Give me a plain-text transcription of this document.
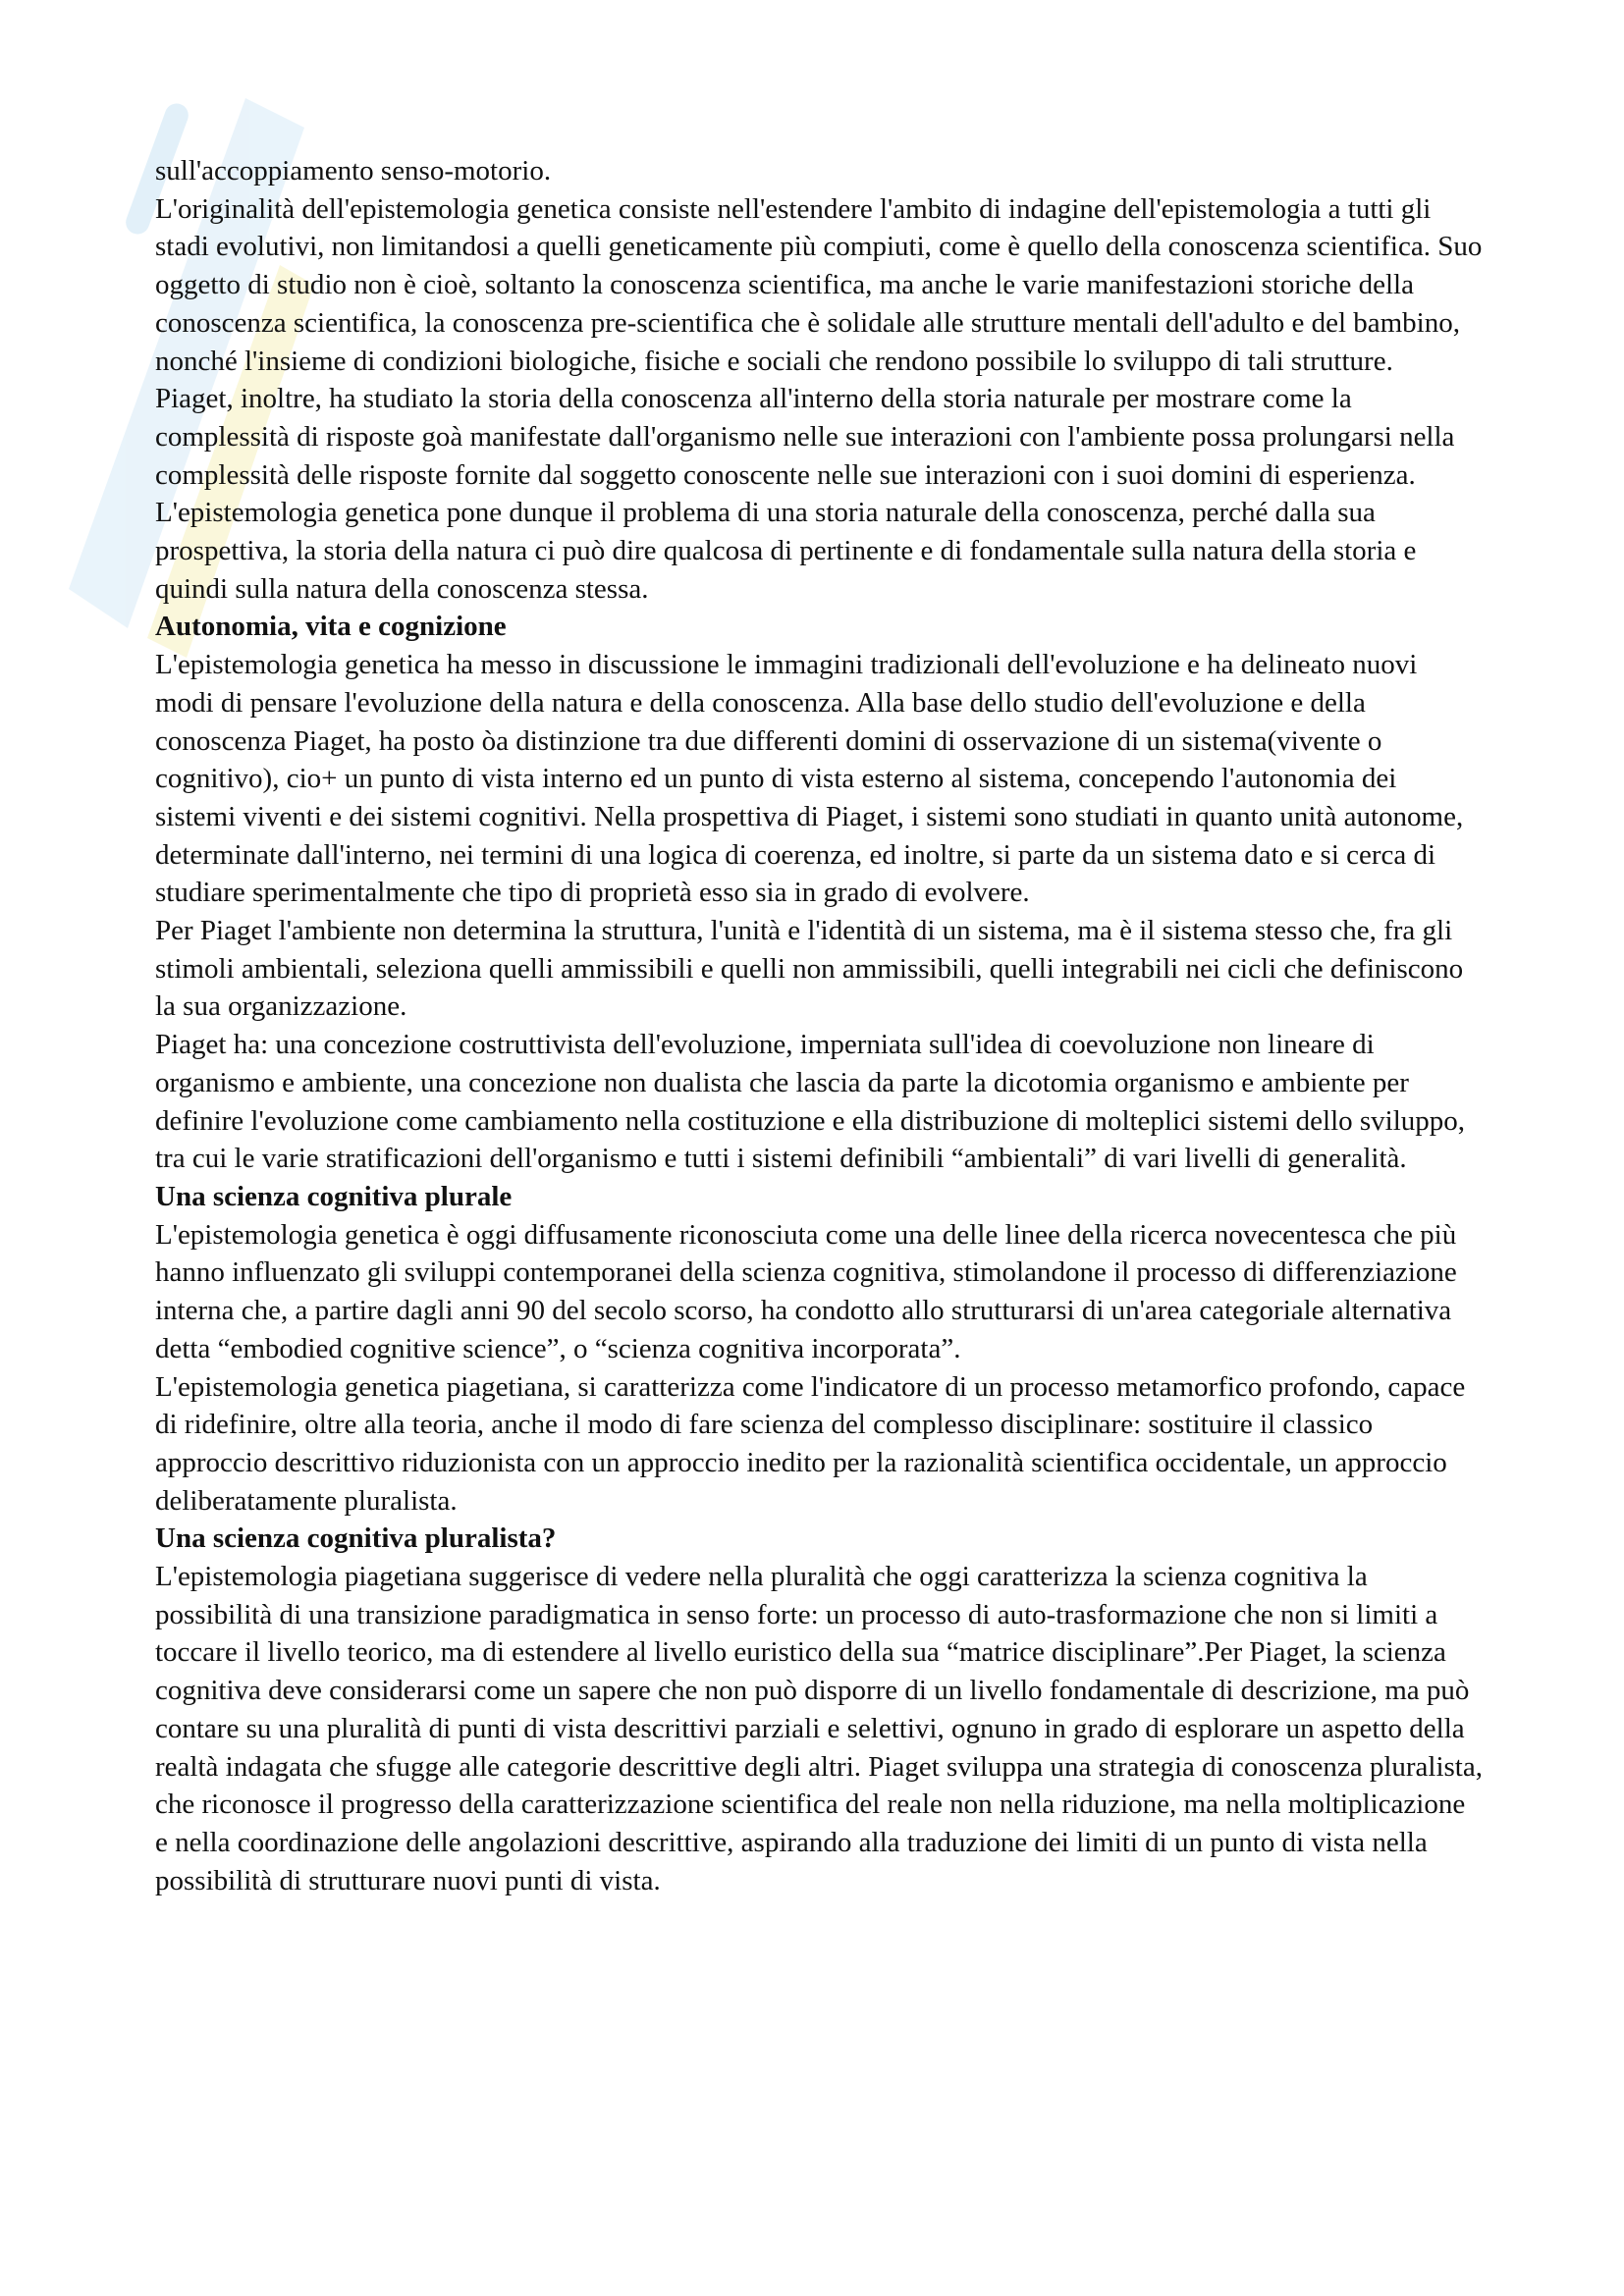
sull'accoppiamento senso-motorio.

L'originalità dell'epistemologia genetica consiste nell'estendere l'ambito di indagine dell'epistemologia a tutti gli stadi evolutivi, non limitandosi a quelli geneticamente più compiuti, come è quello della conoscenza scientifica. Suo oggetto di studio non è cioè, soltanto la conoscenza scientifica, ma anche le varie manifestazioni storiche della conoscenza scientifica, la conoscenza pre-scientifica che è solidale alle strutture mentali dell'adulto e del bambino, nonché l'insieme di condizioni biologiche, fisiche e sociali che rendono possibile lo sviluppo di tali strutture.

Piaget, inoltre, ha studiato la storia della conoscenza all'interno della storia naturale per mostrare come la complessità di risposte goà manifestate dall'organismo nelle sue interazioni con l'ambiente possa prolungarsi nella complessità delle risposte fornite dal soggetto conoscente nelle sue interazioni con i suoi domini di esperienza. L'epistemologia genetica pone dunque il problema di una storia naturale della conoscenza, perché dalla sua prospettiva, la storia della natura ci può dire qualcosa di pertinente e di fondamentale sulla natura della storia e quindi sulla natura della conoscenza stessa.

Autonomia, vita e cognizione

L'epistemologia genetica ha messo in discussione le immagini tradizionali dell'evoluzione e ha delineato nuovi modi di pensare l'evoluzione della natura e della conoscenza. Alla base dello studio dell'evoluzione e della conoscenza Piaget, ha posto òa distinzione tra due differenti domini di osservazione di un sistema(vivente o cognitivo), cio+ un punto di vista interno ed un punto di vista esterno al sistema, concependo l'autonomia dei sistemi viventi e dei sistemi cognitivi. Nella prospettiva di Piaget, i sistemi sono studiati in quanto unità autonome, determinate dall'interno, nei termini di una logica di coerenza, ed inoltre, si parte da un sistema dato e si cerca di studiare sperimentalmente che tipo di proprietà esso sia in grado di evolvere.

Per Piaget l'ambiente non determina la struttura, l'unità e l'identità di un sistema, ma è il sistema stesso che, fra gli stimoli ambientali, seleziona quelli ammissibili e quelli non ammissibili, quelli integrabili nei cicli che definiscono la sua organizzazione.

Piaget ha: una concezione costruttivista dell'evoluzione, imperniata sull'idea di coevoluzione non lineare di organismo e ambiente, una concezione non dualista che lascia da parte la dicotomia organismo e ambiente per definire l'evoluzione come cambiamento nella costituzione e ella distribuzione di molteplici sistemi dello sviluppo, tra cui le varie stratificazioni dell'organismo e tutti i sistemi definibili “ambientali” di vari livelli di generalità.

Una scienza cognitiva plurale

L'epistemologia genetica è oggi diffusamente riconosciuta come una delle linee della ricerca novecentesca che più hanno influenzato gli sviluppi contemporanei della scienza cognitiva, stimolandone il processo di differenziazione interna che, a partire dagli anni 90 del secolo scorso, ha condotto allo strutturarsi di un'area categoriale alternativa detta “embodied cognitive science”, o “scienza cognitiva incorporata”.

L'epistemologia genetica piagetiana, si caratterizza come l'indicatore di un processo metamorfico profondo, capace di ridefinire, oltre alla teoria, anche il modo di fare scienza del complesso disciplinare: sostituire il classico approccio descrittivo riduzionista con un approccio inedito per la razionalità scientifica occidentale, un approccio deliberatamente pluralista.

Una scienza cognitiva pluralista?

L'epistemologia piagetiana suggerisce di vedere nella pluralità che oggi caratterizza la scienza cognitiva la possibilità di una transizione paradigmatica in senso forte: un processo di auto-trasformazione che non si limiti a toccare il livello teorico, ma di estendere al livello euristico della sua “matrice disciplinare”.Per Piaget, la scienza cognitiva deve considerarsi come un sapere che non può disporre di un livello fondamentale di descrizione, ma può contare su una pluralità di punti di vista descrittivi parziali e selettivi, ognuno in grado di esplorare un aspetto della realtà indagata che sfugge alle categorie descrittive degli altri. Piaget sviluppa una strategia di conoscenza pluralista, che riconosce il progresso della caratterizzazione scientifica del reale non nella riduzione, ma nella moltiplicazione e nella coordinazione delle angolazioni descrittive, aspirando alla traduzione dei limiti di un punto di vista nella possibilità di strutturare nuovi punti di vista.
